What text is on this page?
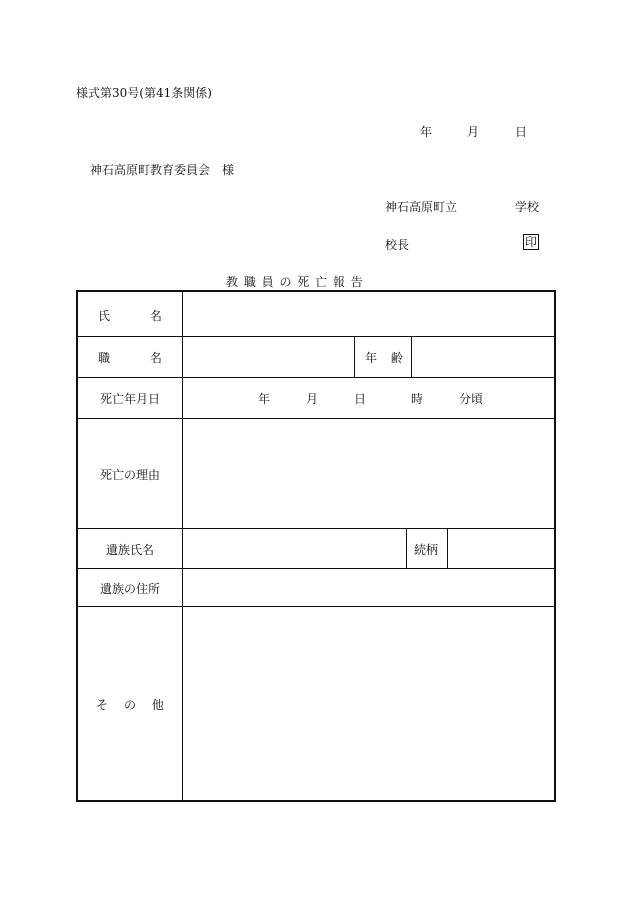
様式第30号(第41条関係)
年	月	日
神石高原町教育委員会　様
神石高原町立	学校
校長	印
教 職 員 の 死 亡 報 告
氏	名
職	名	年 齢
死亡年月日	年	月	日	時	分頃
死亡の理由
遺族氏名	続柄
遺族の住所
そ の 他
